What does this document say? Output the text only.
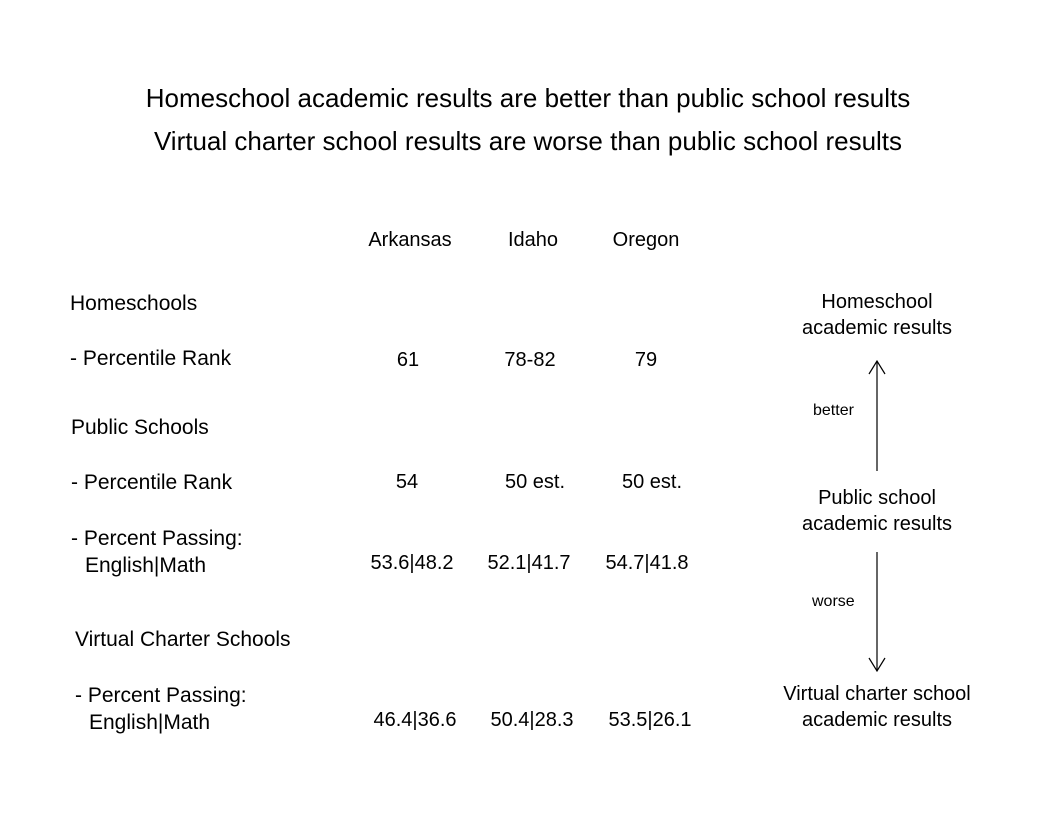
Homeschool academic results are better than public school results
Virtual charter school results are worse than public school results
Arkansas	Idaho	Oregon
Homeschools
- Percentile Rank	61	78-82	79
Public Schools
- Percentile Rank	54	50 est.	50 est.
- Percent Passing:
English|Math	53.6|48.2	52.1|41.7	54.7|41.8
Virtual Charter Schools
- Percent Passing:
English|Math	46.4|36.6	50.4|28.3	53.5|26.1
Homeschool
academic results
better
Public school
academic results
worse
Virtual charter school
academic results
